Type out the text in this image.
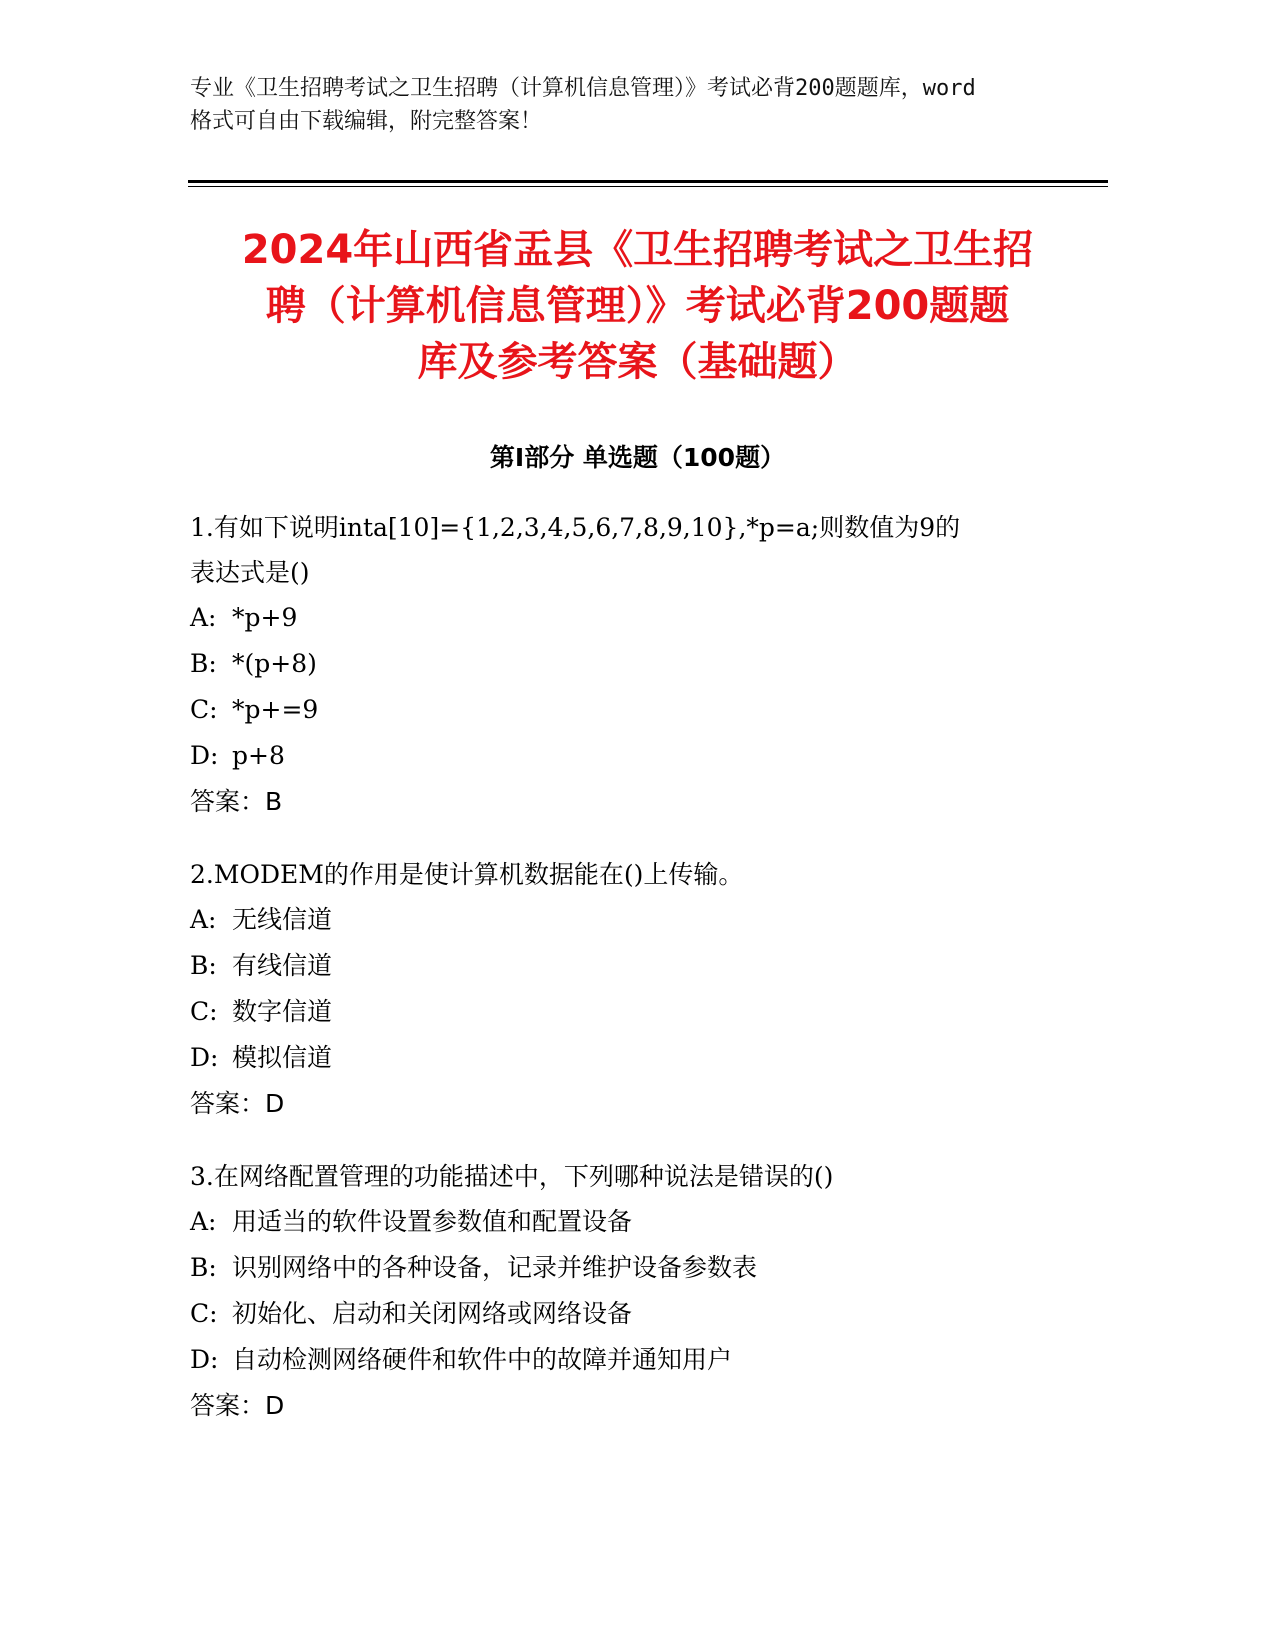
专业《卫生招聘考试之卫生招聘（计算机信息管理）》考试必背200题题库，word
格式可自由下载编辑，附完整答案！
2024年山西省盂县《卫生招聘考试之卫生招
聘（计算机信息管理）》考试必背200题题
库及参考答案（基础题）
第Ⅰ部分 单选题（100题）
1.有如下说明inta[10]={1,2,3,4,5,6,7,8,9,10},*p=a;则数值为9的
表达式是()
A: *p+9
B: *(p+8)
C: *p+=9
D: p+8
答案：B
2.MODEM的作用是使计算机数据能在()上传输。
A: 无线信道
B: 有线信道
C: 数字信道
D: 模拟信道
答案：D
3.在网络配置管理的功能描述中，下列哪种说法是错误的()
A: 用适当的软件设置参数值和配置设备
B: 识别网络中的各种设备，记录并维护设备参数表
C: 初始化、启动和关闭网络或网络设备
D: 自动检测网络硬件和软件中的故障并通知用户
答案：D
